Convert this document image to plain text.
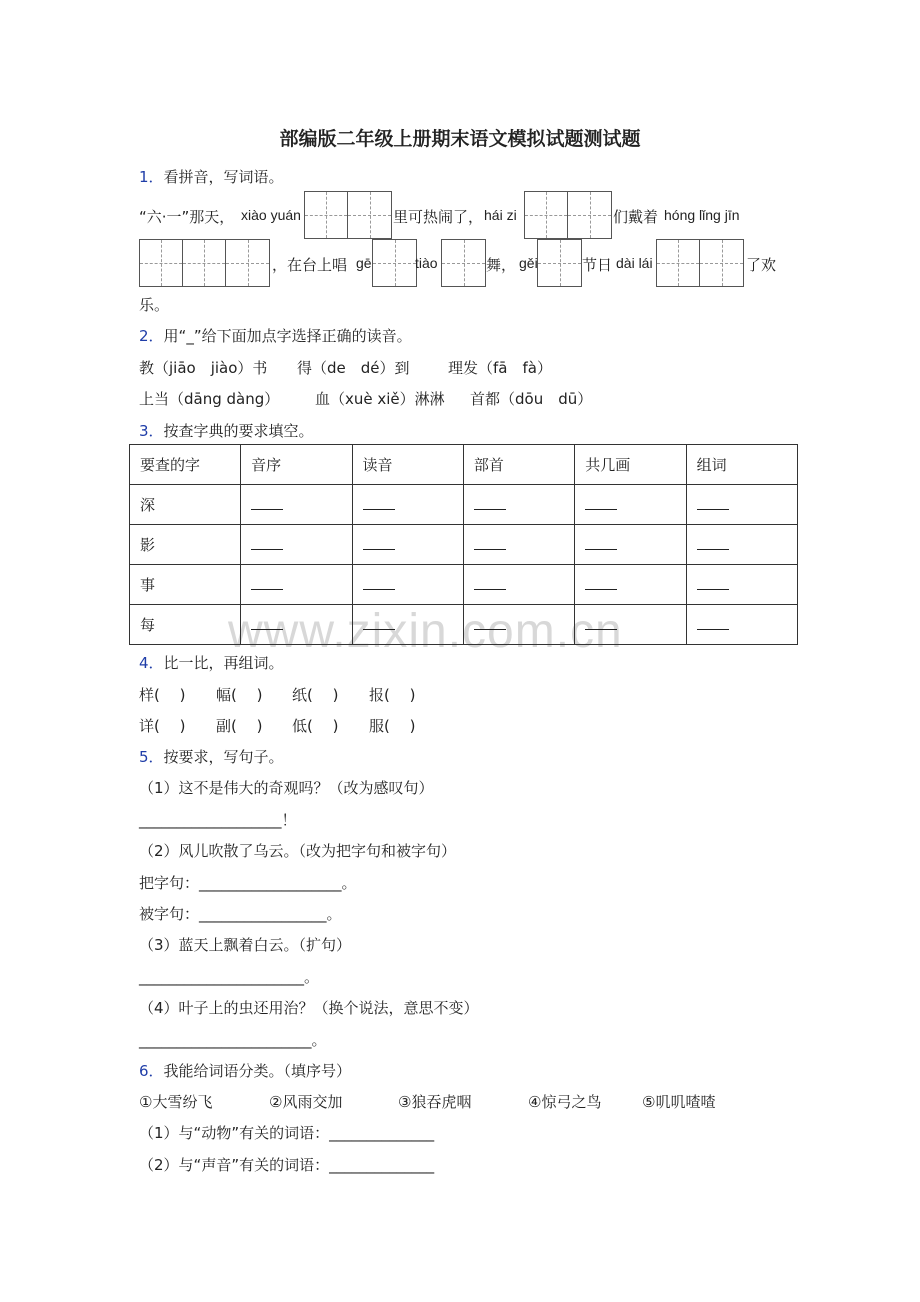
www.zixin.com.cn
部编版二年级上册期末语文模拟试题测试题
1．看拼音，写词语。
“六·一”那天， xiào yuán	里可热闹了， hái zi	们戴着 hóng lǐng jīn
，在台上唱 gē	tiào	舞， gěi	节日 dài lái	了欢
乐。
2．用“_”给下面加点字选择正确的读音。
教（jiāo　jiào）书 得（de　dé）到	理发（fā　fà）
上当（dāng dàng） 血（xuè xiě）淋淋 首都（dōu　dū）
3．按查字典的要求填空。
要查的字	音序	读音	部首	共几画	组词
深					
影					
事					
每					
4．比一比，再组词。
样(　 ) 幅(　 ) 纸(　 ) 报(　 )
详(　 ) 副(　 ) 低(　 ) 服(　 )
5．按要求，写句子。
（1）这不是伟大的奇观吗？（改为感叹句）
___________________！
（2）风儿吹散了乌云。（改为把字句和被字句）
把字句：___________________。
被字句：_________________。
（3）蓝天上飘着白云。（扩句）
______________________。
（4）叶子上的虫还用治？（换个说法，意思不变）
_______________________。
6．我能给词语分类。（填序号）
①大雪纷飞	②风雨交加	③狼吞虎咽	④惊弓之鸟	⑤叽叽喳喳
（1）与“动物”有关的词语：______________
（2）与“声音”有关的词语：______________
